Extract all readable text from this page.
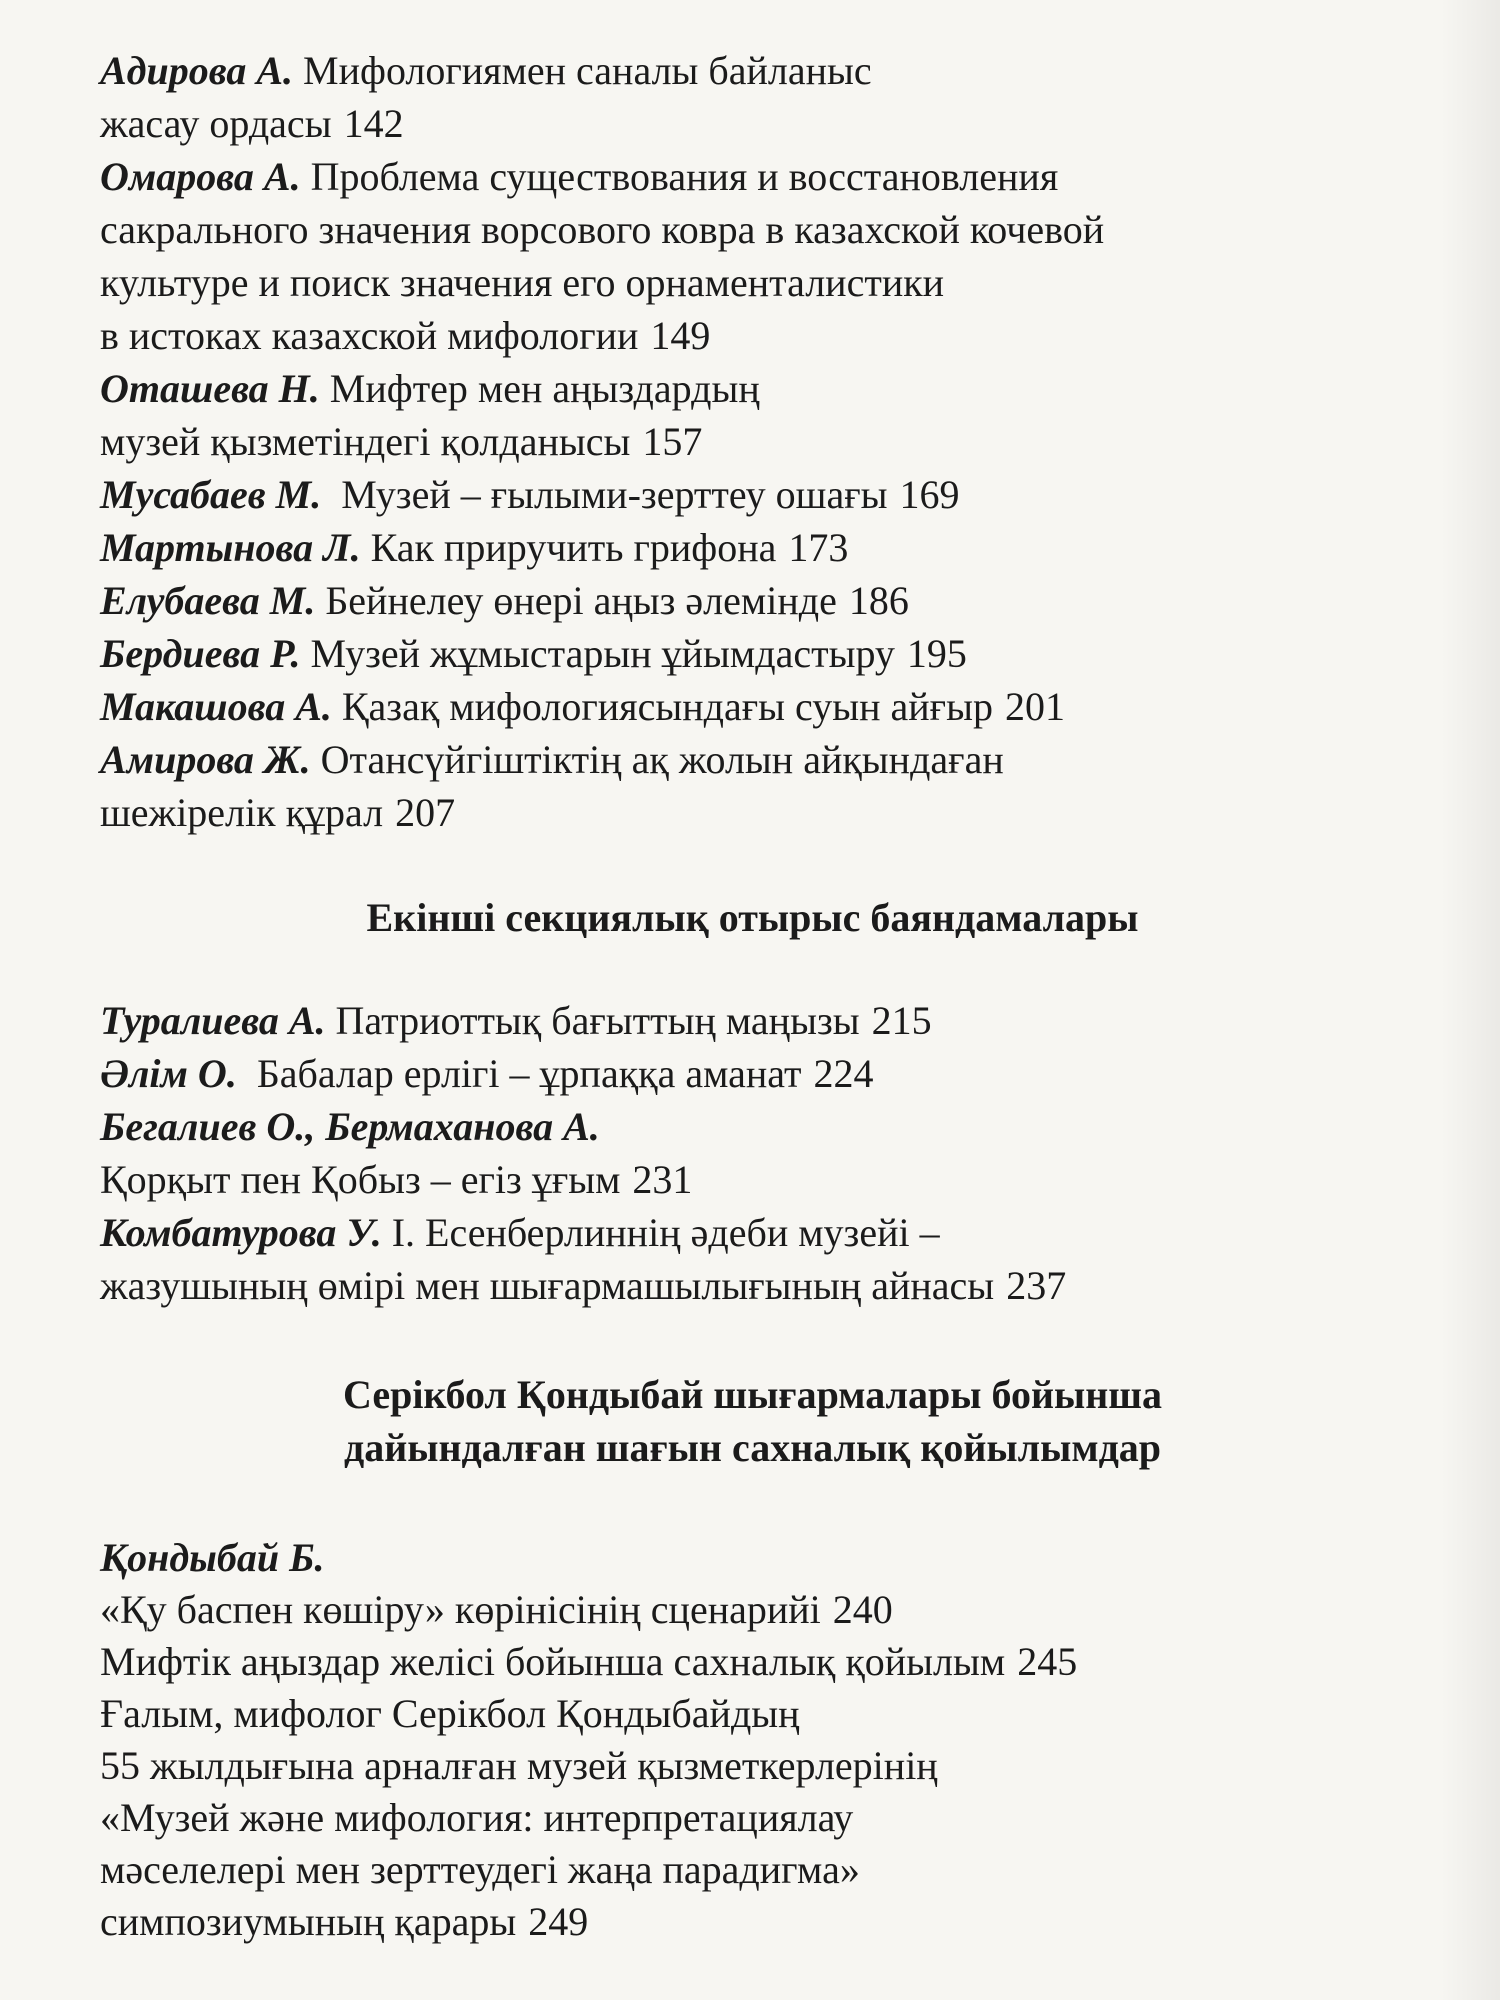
Адирова А. Мифологиямен саналы байланыс
жасау ордасы 142
Омарова А. Проблема существования и восстановления
сакрального значения ворсового ковра в казахской кочевой
культуре и поиск значения его орнаменталистики
в истоках казахской мифологии 149
Оташева Н. Мифтер мен аңыздардың
музей қызметіндегі қолданысы 157
Мусабаев М. Музей – ғылыми-зерттеу ошағы 169
Мартынова Л. Как приручить грифона 173
Елубаева М. Бейнелеу өнері аңыз әлемінде 186
Бердиева Р. Музей жұмыстарын ұйымдастыру 195
Макашова А. Қазақ мифологиясындағы суын айғыр 201
Амирова Ж. Отансүйгіштіктің ақ жолын айқындаған
шежірелік құрал 207
Екінші секциялық отырыс баяндамалары
Туралиева А. Патриоттық бағыттың маңызы 215
Әлім О. Бабалар ерлігі – ұрпаққа аманат 224
Бегалиев О., Бермаханова А.
Қорқыт пен Қобыз – егіз ұғым 231
Комбатурова У. І. Есенберлиннің әдеби музейі –
жазушының өмірі мен шығармашылығының айнасы 237
Серікбол Қондыбай шығармалары бойынша
дайындалған шағын сахналық қойылымдар
Қондыбай Б.
«Қу баспен көшіру» көрінісінің сценарийі 240
Мифтік аңыздар желісі бойынша сахналық қойылым 245
Ғалым, мифолог Серікбол Қондыбайдың
55 жылдығына арналған музей қызметкерлерінің
«Музей және мифология: интерпретациялау
мәселелері мен зерттеудегі жаңа парадигма»
симпозиумының қарары 249
